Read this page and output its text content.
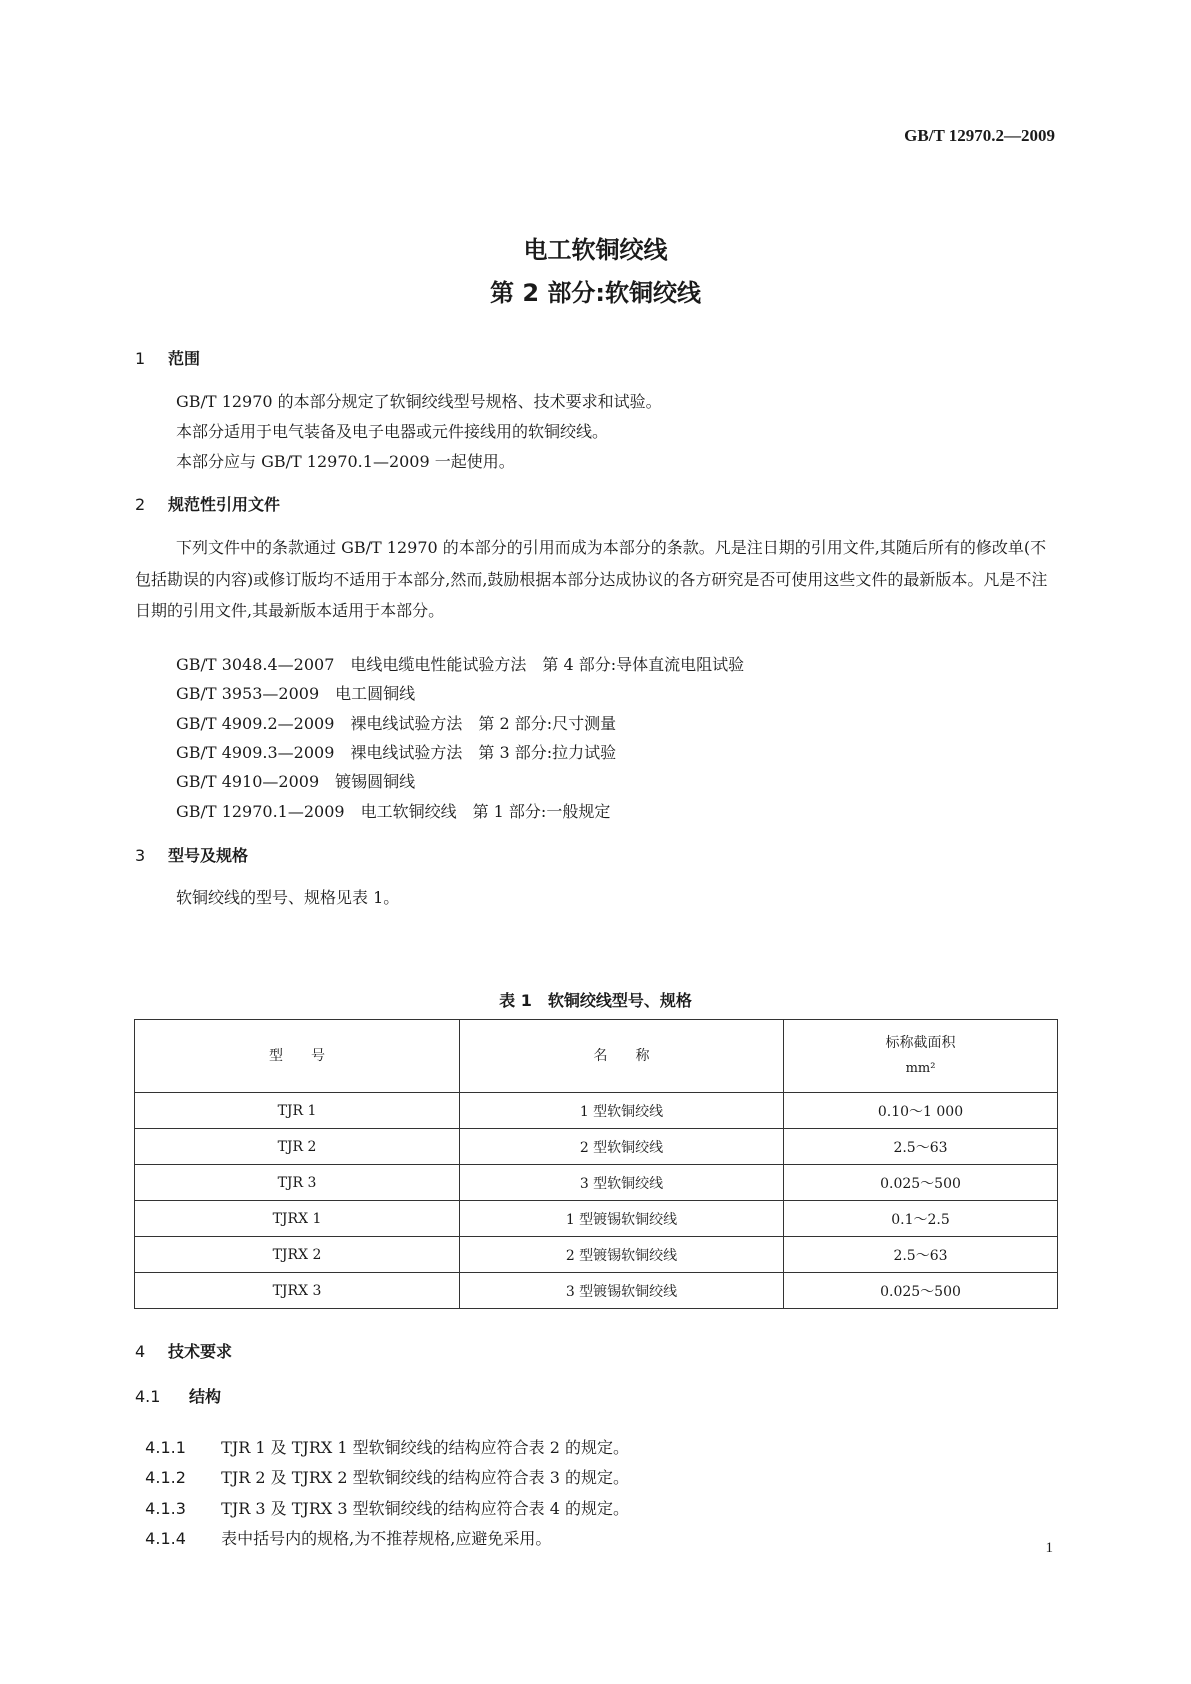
GB/T 12970.2—2009
电工软铜绞线
第 2 部分:软铜绞线
1 范围
GB/T 12970 的本部分规定了软铜绞线型号规格、技术要求和试验。
本部分适用于电气装备及电子电器或元件接线用的软铜绞线。
本部分应与 GB/T 12970.1—2009 一起使用。
2 规范性引用文件
下列文件中的条款通过 GB/T 12970 的本部分的引用而成为本部分的条款。凡是注日期的引用文件,其随后所有的修改单(不包括勘误的内容)或修订版均不适用于本部分,然而,鼓励根据本部分达成协议的各方研究是否可使用这些文件的最新版本。凡是不注日期的引用文件,其最新版本适用于本部分。
GB/T 3048.4—2007　电线电缆电性能试验方法　第 4 部分:导体直流电阻试验
GB/T 3953—2009　电工圆铜线
GB/T 4909.2—2009　裸电线试验方法　第 2 部分:尺寸测量
GB/T 4909.3—2009　裸电线试验方法　第 3 部分:拉力试验
GB/T 4910—2009　镀锡圆铜线
GB/T 12970.1—2009　电工软铜绞线　第 1 部分:一般规定
3 型号及规格
软铜绞线的型号、规格见表 1。
表 1　软铜绞线型号、规格
型　　号	名　　称	标称截面积
mm²

TJR 1	1 型软铜绞线	0.10～1 000
TJR 2	2 型软铜绞线	2.5～63
TJR 3	3 型软铜绞线	0.025～500
TJRX 1	1 型镀锡软铜绞线	0.1～2.5
TJRX 2	2 型镀锡软铜绞线	2.5～63
TJRX 3	3 型镀锡软铜绞线	0.025～500
4 技术要求
4.1 结构

4.1.1 TJR 1 及 TJRX 1 型软铜绞线的结构应符合表 2 的规定。

4.1.2 TJR 2 及 TJRX 2 型软铜绞线的结构应符合表 3 的规定。

4.1.3 TJR 3 及 TJRX 3 型软铜绞线的结构应符合表 4 的规定。

4.1.4 表中括号内的规格,为不推荐规格,应避免采用。	1
